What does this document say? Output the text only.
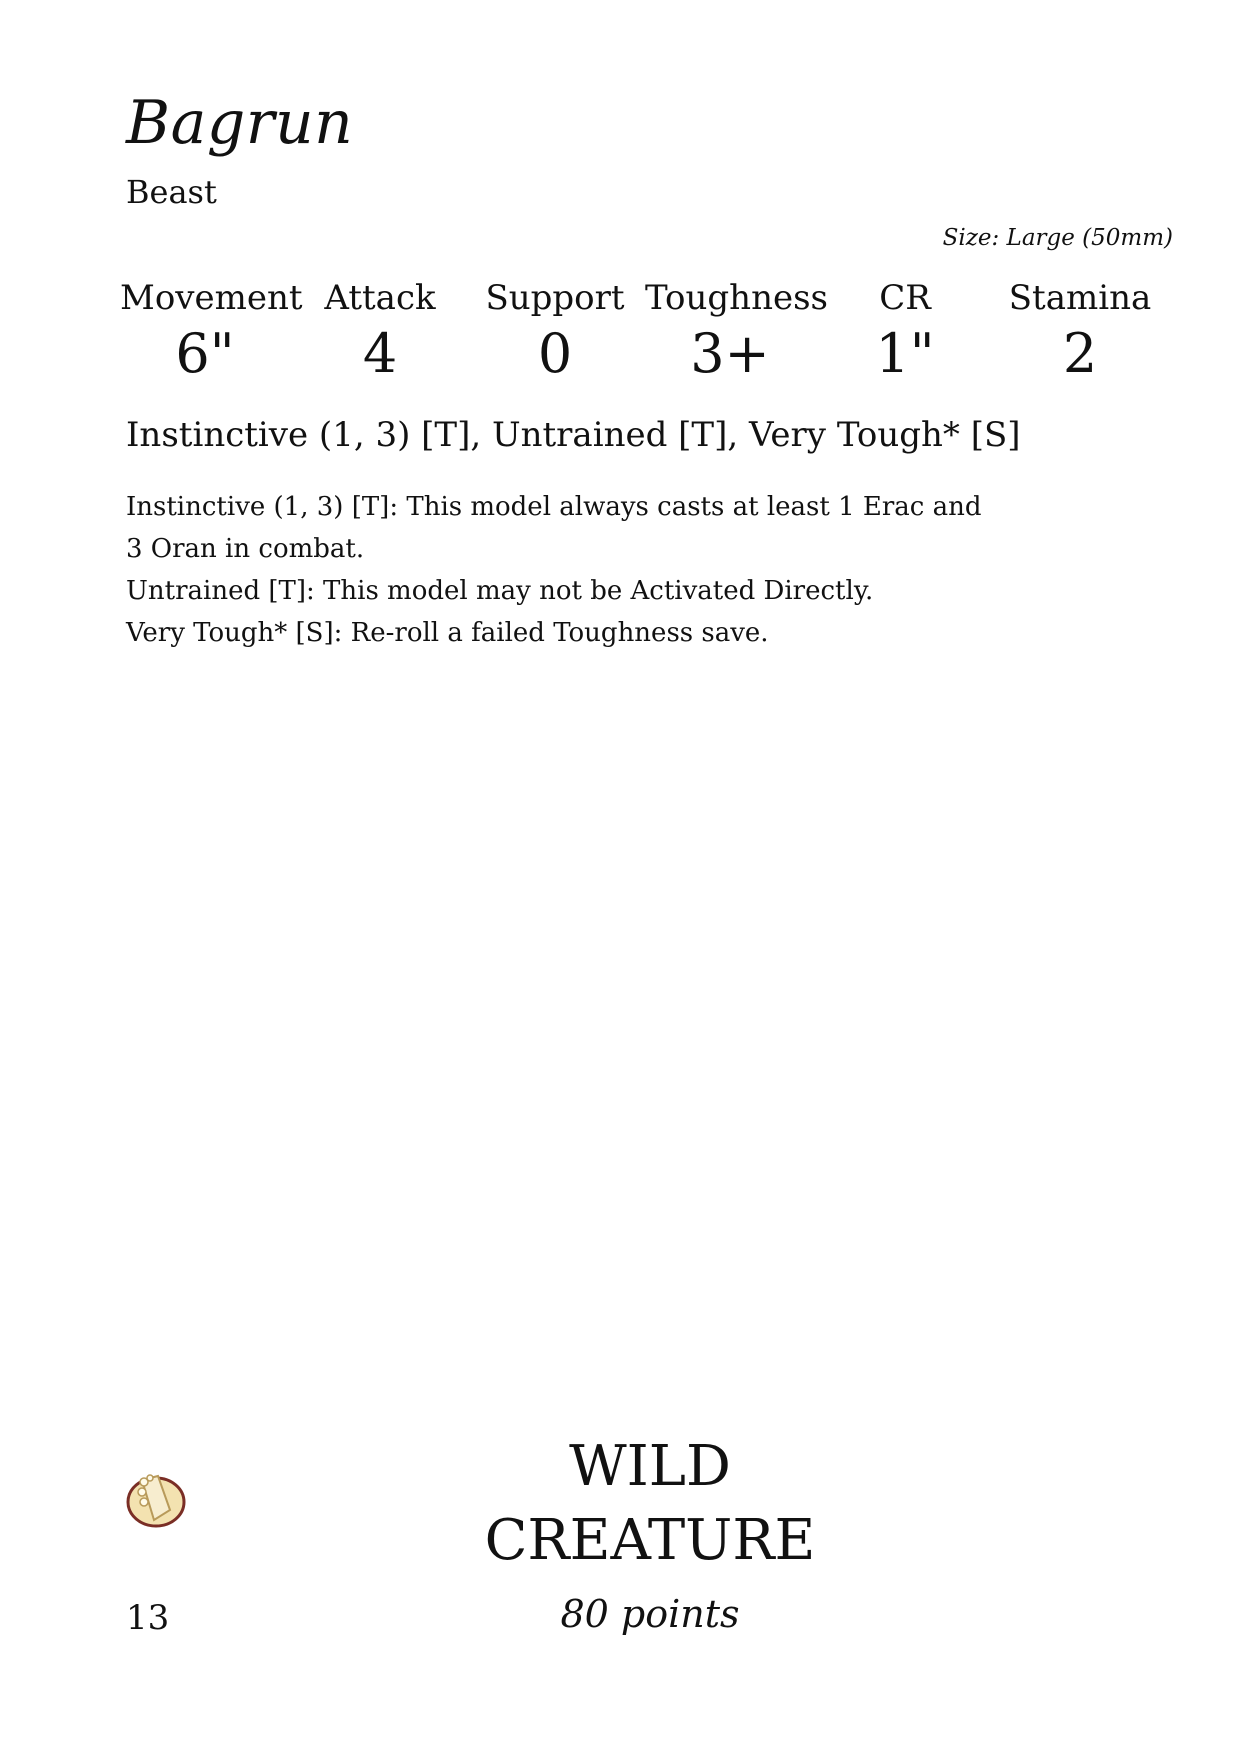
Bagrun
Beast
Size: Large (50mm)
Movement
6"
Attack
4
Support
0
Toughness
3+
CR
1"
Stamina
2
Instinctive (1, 3) [T], Untrained [T], Very Tough* [S]
Instinctive (1, 3) [T]: This model always casts at least 1 Erac and 3 Oran in combat.
Untrained [T]: This model may not be Activated Directly.
Very Tough* [S]: Re-roll a failed Toughness save.
WILD
CREATURE
13	80 points
